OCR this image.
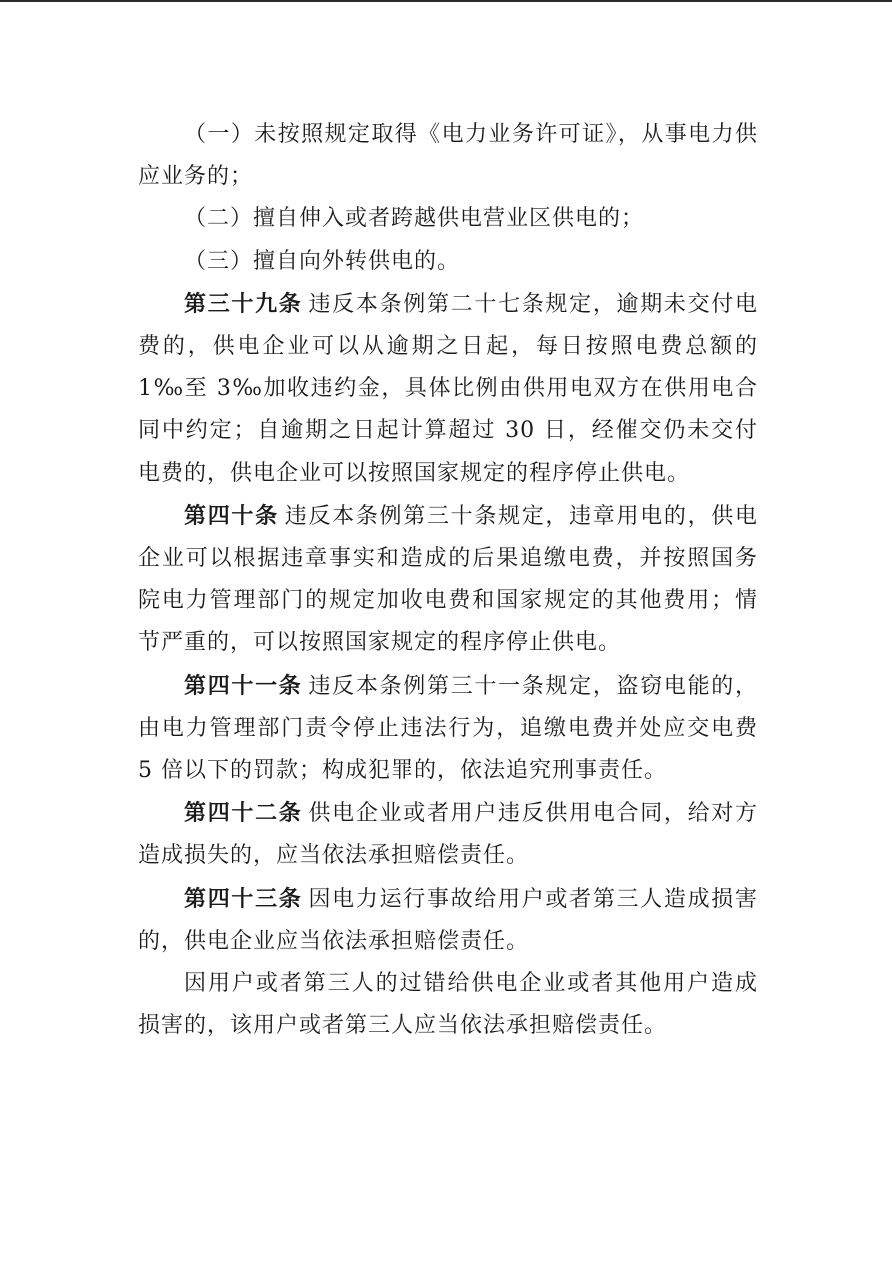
（一）未按照规定取得《电力业务许可证》，从事电力供应业务的；

（二）擅自伸入或者跨越供电营业区供电的；

（三）擅自向外转供电的。

第三十九条 违反本条例第二十七条规定，逾期未交付电费的，供电企业可以从逾期之日起，每日按照电费总额的 1‰至 3‰加收违约金，具体比例由供用电双方在供用电合同中约定；自逾期之日起计算超过 30 日，经催交仍未交付电费的，供电企业可以按照国家规定的程序停止供电。

第四十条 违反本条例第三十条规定，违章用电的，供电企业可以根据违章事实和造成的后果追缴电费，并按照国务院电力管理部门的规定加收电费和国家规定的其他费用；情节严重的，可以按照国家规定的程序停止供电。

第四十一条 违反本条例第三十一条规定，盗窃电能的，由电力管理部门责令停止违法行为，追缴电费并处应交电费 5 倍以下的罚款；构成犯罪的，依法追究刑事责任。

第四十二条 供电企业或者用户违反供用电合同，给对方造成损失的，应当依法承担赔偿责任。

第四十三条 因电力运行事故给用户或者第三人造成损害的，供电企业应当依法承担赔偿责任。

因用户或者第三人的过错给供电企业或者其他用户造成损害的，该用户或者第三人应当依法承担赔偿责任。
